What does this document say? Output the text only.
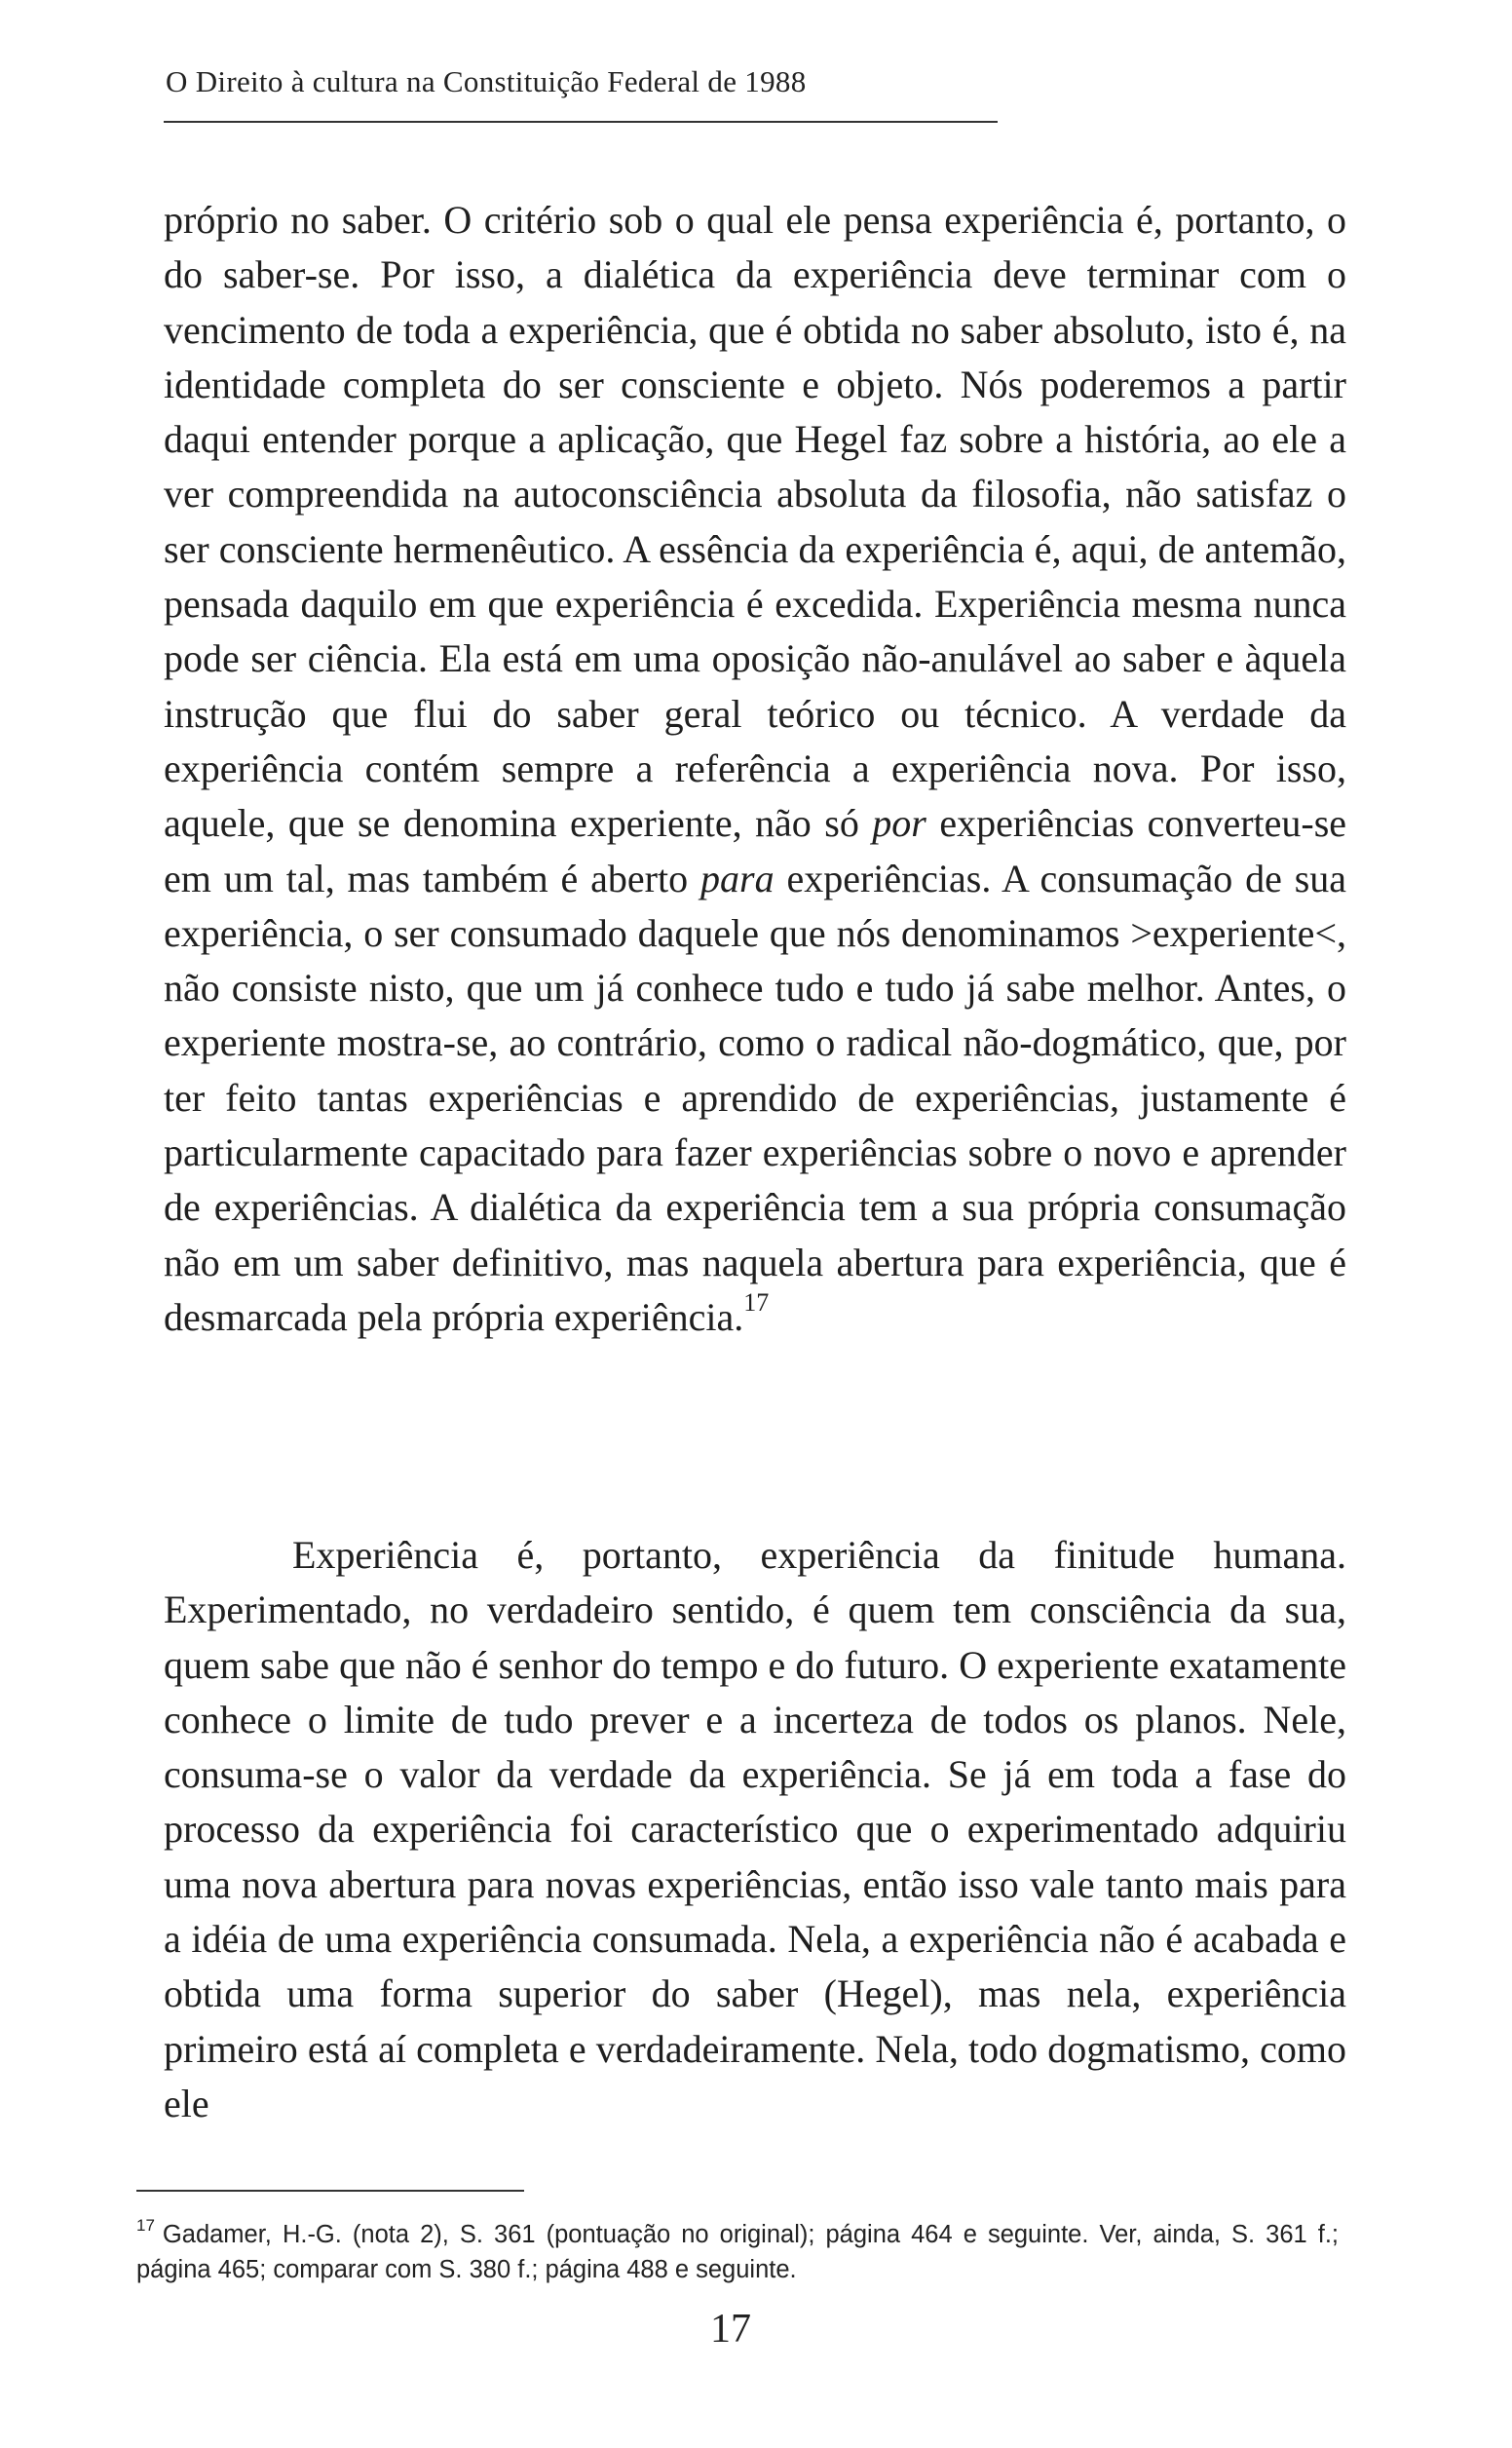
O Direito à cultura na Constituição Federal de 1988

próprio no saber. O critério sob o qual ele pensa experiência é, portanto, o do saber-se. Por isso, a dialética da experiência deve terminar com o vencimento de toda a experiência, que é obtida no saber absoluto, isto é, na identidade completa do ser consciente e objeto. Nós poderemos a partir daqui entender porque a aplicação, que Hegel faz sobre a história, ao ele a ver compreendida na autoconsciência absoluta da filosofia, não satisfaz o ser consciente hermenêutico. A essência da experiência é, aqui, de antemão, pensada daquilo em que experiência é excedida. Experiência mesma nunca pode ser ciência. Ela está em uma oposição não-anulável ao saber e àquela instrução que flui do saber geral teórico ou técnico. A verdade da experiência contém sempre a referência a experiência nova. Por isso, aquele, que se denomina experiente, não só por experiências converteu-se em um tal, mas também é aberto para experiências. A consumação de sua experiência, o ser consumado daquele que nós denominamos >experiente<, não consiste nisto, que um já conhece tudo e tudo já sabe melhor. Antes, o experiente mostra-se, ao contrário, como o radical não-dogmático, que, por ter feito tantas experiências e aprendido de experiências, justamente é particularmente capacitado para fazer experiências sobre o novo e aprender de experiências. A dialética da experiência tem a sua própria consumação não em um saber definitivo, mas naquela abertura para experiência, que é desmarcada pela própria experiência.$^{17}$

Experiência é, portanto, experiência da finitude humana. Experimentado, no verdadeiro sentido, é quem tem consciência da sua, quem sabe que não é senhor do tempo e do futuro. O experiente exatamente conhece o limite de tudo prever e a incerteza de todos os planos. Nele, consuma-se o valor da verdade da experiência. Se já em toda a fase do processo da experiência foi característico que o experimentado adquiriu uma nova abertura para novas experiências, então isso vale tanto mais para a idéia de uma experiência consumada. Nela, a experiência não é acabada e obtida uma forma superior do saber (Hegel), mas nela, experiência primeiro está aí completa e verdadeiramente. Nela, todo dogmatismo, como ele

$^{17}$ Gadamer, H.-G. (nota 2), S. 361 (pontuação no original); página 464 e seguinte. Ver, ainda, S. 361 f.; página 465; comparar com S. 380 f.; página 488 e seguinte.

17
